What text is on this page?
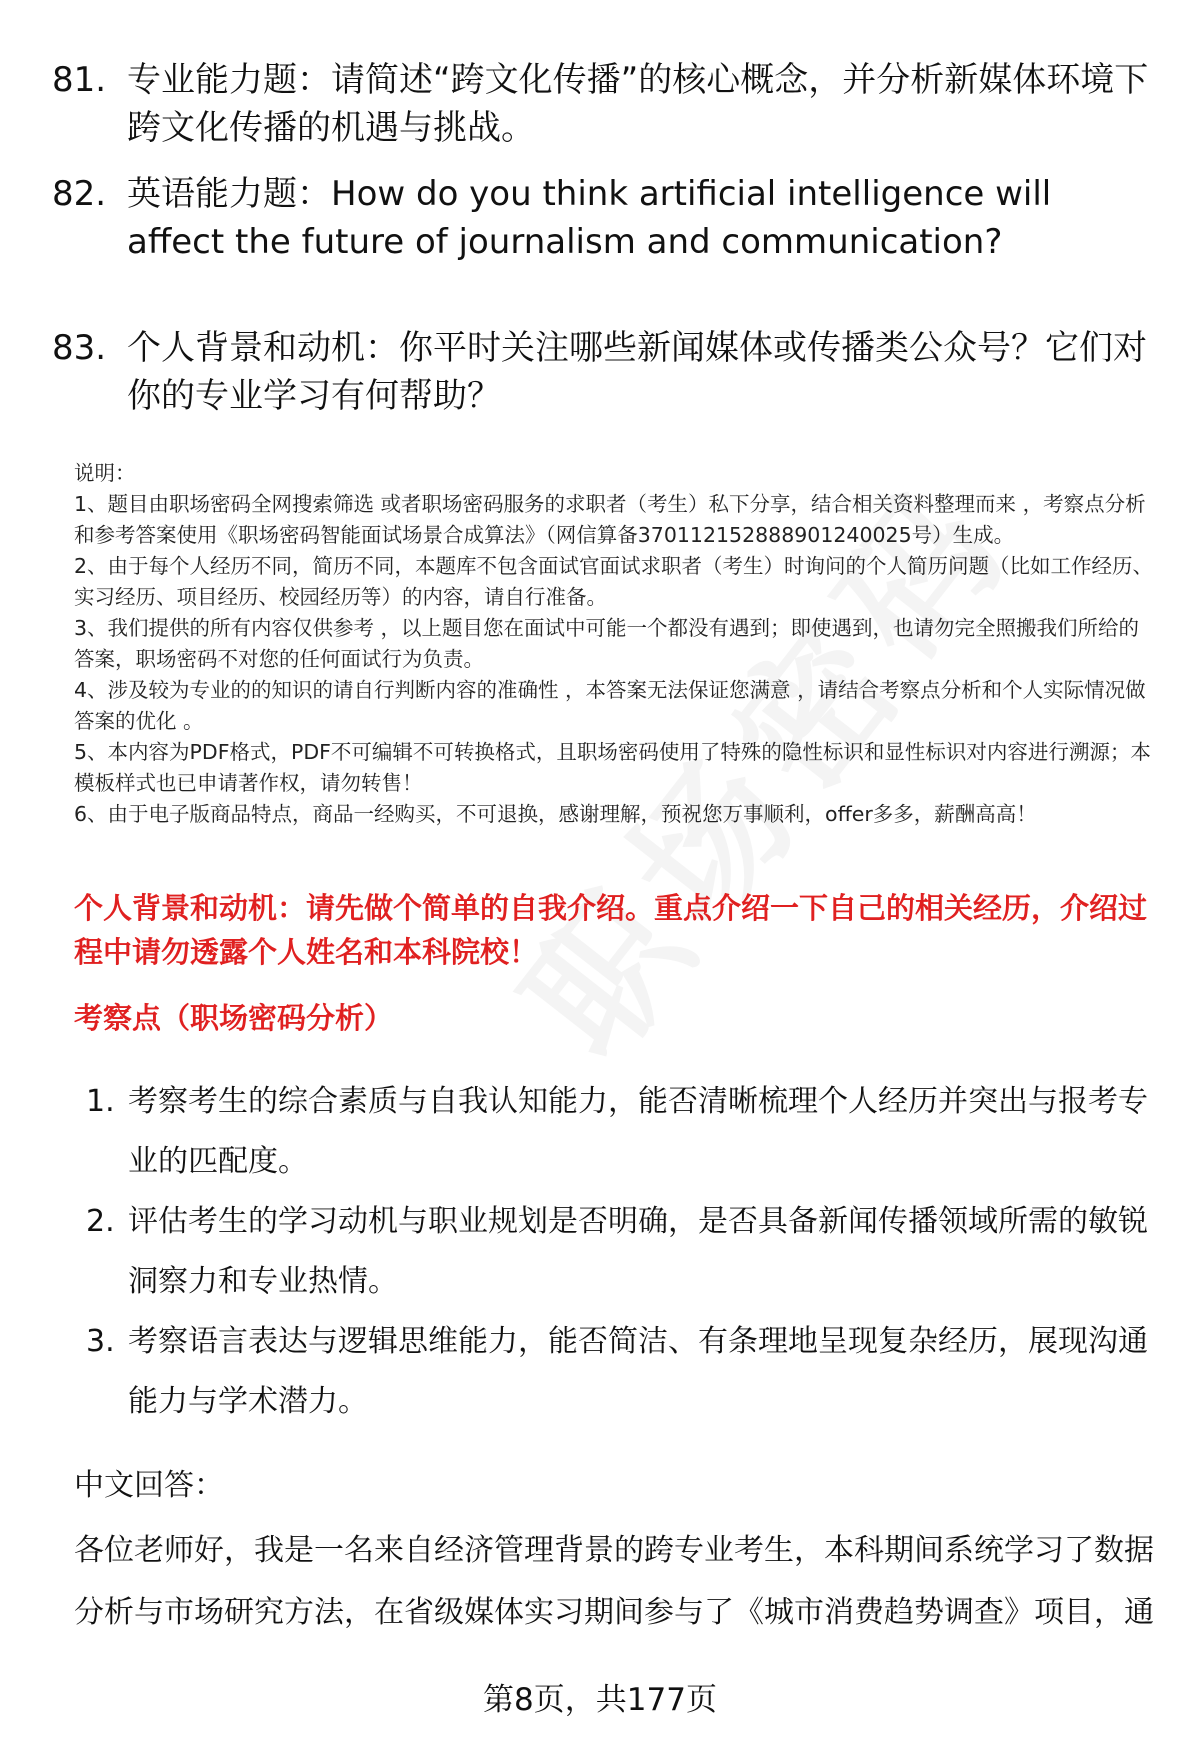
81. 专业能力题：请简述“跨文化传播”的核心概念，并分析新媒体环境下跨文化传播的机遇与挑战。
82. 英语能力题：How do you think artificial intelligence will affect the future of journalism and communication?
83. 个人背景和动机：你平时关注哪些新闻媒体或传播类公众号？它们对你的专业学习有何帮助？

说明：

1、题目由职场密码全网搜索筛选 或者职场密码服务的求职者（考生）私下分享，结合相关资料整理而来 ，考察点分析和参考答案使用《职场密码智能面试场景合成算法》（网信算备370112152888901240025号）生成。

2、由于每个人经历不同，简历不同，本题库不包含面试官面试求职者（考生）时询问的个人简历问题（比如工作经历、实习经历、项目经历、校园经历等）的内容，请自行准备。

3、我们提供的所有内容仅供参考 ，以上题目您在面试中可能一个都没有遇到；即使遇到，也请勿完全照搬我们所给的答案，职场密码不对您的任何面试行为负责。

4、涉及较为专业的的知识的请自行判断内容的准确性 ，本答案无法保证您满意 ，请结合考察点分析和个人实际情况做答案的优化 。

5、本内容为PDF格式，PDF不可编辑不可转换格式，且职场密码使用了特殊的隐性标识和显性标识对内容进行溯源；本模板样式也已申请著作权，请勿转售！

6、由于电子版商品特点，商品一经购买，不可退换，感谢理解，预祝您万事顺利，offer多多，薪酬高高！

个人背景和动机：请先做个简单的自我介绍。重点介绍一下自己的相关经历，介绍过程中请勿透露个人姓名和本科院校！
考察点（职场密码分析）
1. 考察考生的综合素质与自我认知能力，能否清晰梳理个人经历并突出与报考专业的匹配度。
2. 评估考生的学习动机与职业规划是否明确，是否具备新闻传播领域所需的敏锐洞察力和专业热情。
3. 考察语言表达与逻辑思维能力，能否简洁、有条理地呈现复杂经历，展现沟通能力与学术潜力。
中文回答：
各位老师好，我是一名来自经济管理背景的跨专业考生，本科期间系统学习了数据分析与市场研究方法，在省级媒体实习期间参与了《城市消费趋势调查》项目，通
第8页，共177页
